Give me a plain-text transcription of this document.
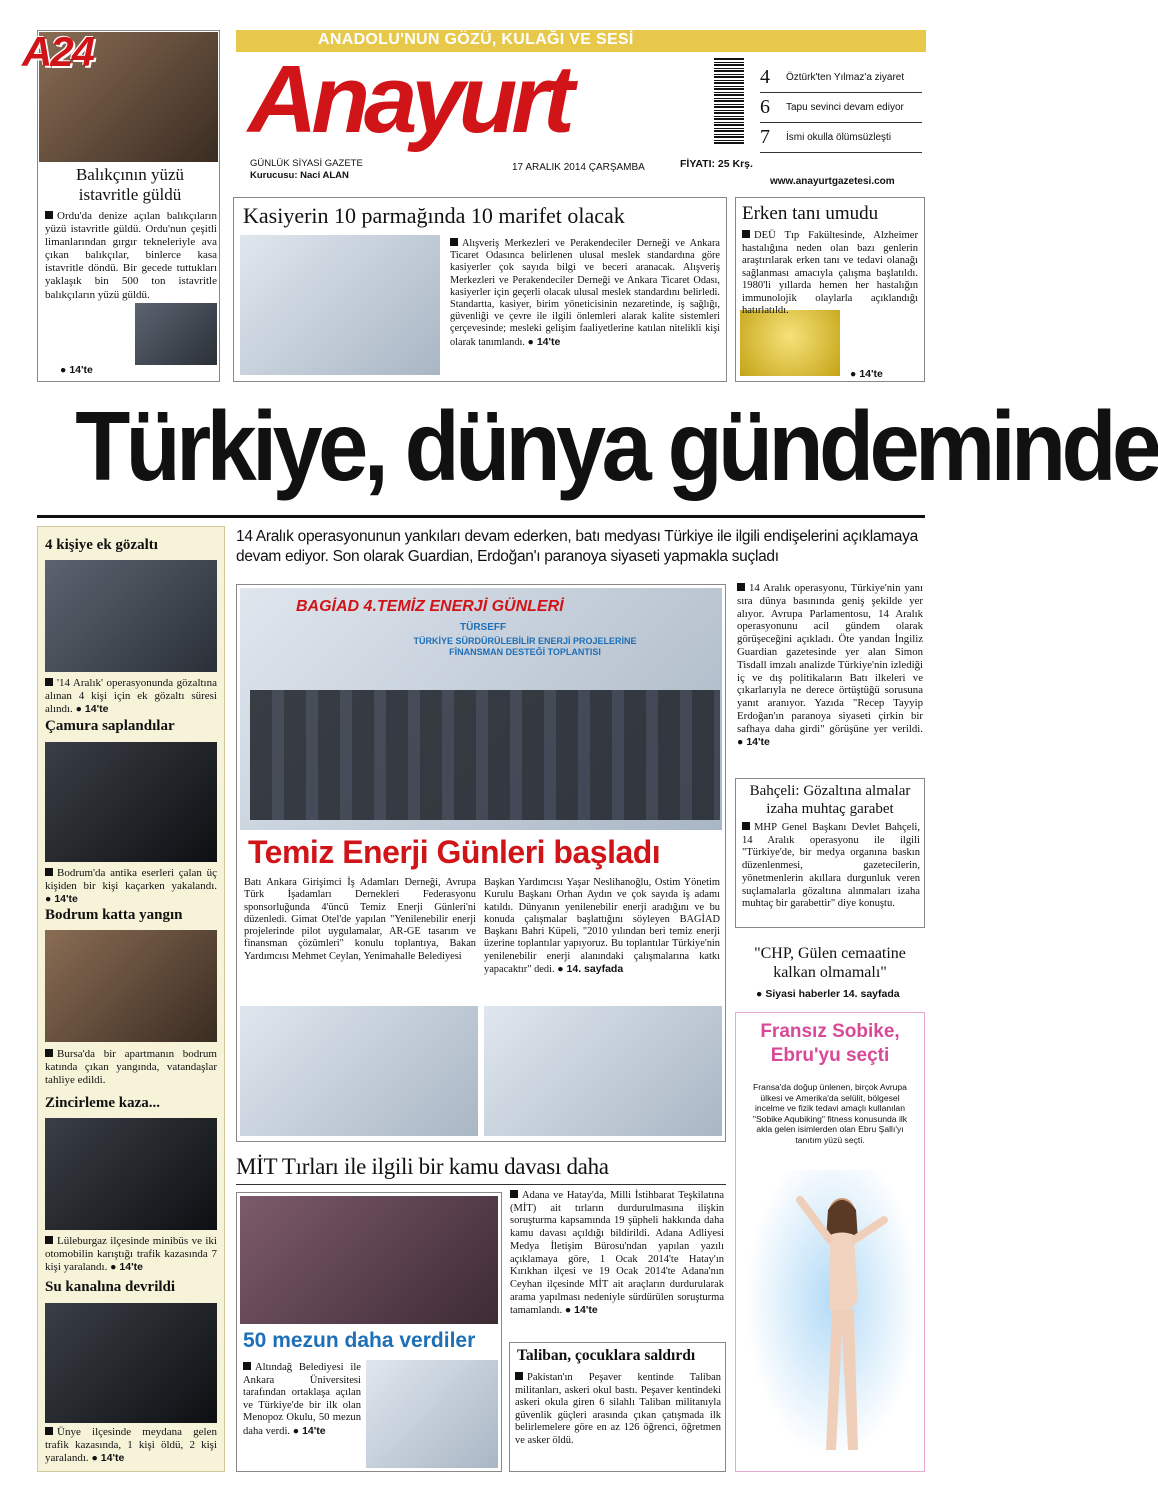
A24
Balıkçının yüzü istavritle güldü
Ordu'da denize açılan balıkçıların yüzü istavritle güldü. Ordu'nun çeşitli limanlarından gırgır tekneleriyle ava çıkan balıkçılar, binlerce kasa istavritle döndü. Bir gecede tuttukları yaklaşık bin 500 ton istavritle balıkçıların yüzü güldü.
● 14'te
ANADOLU'NUN GÖZÜ, KULAĞI VE SESİ
Anayurt
GÜNLÜK SİYASİ GAZETE
Kurucusu: Naci ALAN
17 ARALIK 2014 ÇARŞAMBA	FİYATI: 25 Krş.
www.anayurtgazetesi.com
4	Öztürk'ten Yılmaz'a ziyaret
6	Tapu sevinci devam ediyor
7	İsmi okulla ölümsüzleşti
Kasiyerin 10 parmağında 10 marifet olacak
Alışveriş Merkezleri ve Perakendeciler Derneği ve Ankara Ticaret Odasınca belirlenen ulusal meslek standardına göre kasiyerler çok sayıda bilgi ve beceri aranacak. Alışveriş Merkezleri ve Perakendeciler Derneği ve Ankara Ticaret Odası, kasiyerler için geçerli olacak ulusal meslek standardını belirledi. Standartta, kasiyer, birim yöneticisinin nezaretinde, iş sağlığı, güvenliği ve çevre ile ilgili önlemleri alarak kalite sistemleri çerçevesinde; mesleki gelişim faaliyetlerine katılan nitelikli kişi olarak tanımlandı. ● 14'te
Erken tanı umudu
DEÜ Tıp Fakültesinde, Alzheimer hastalığına neden olan bazı genlerin araştırılarak erken tanı ve tedavi olanağı sağlanması amacıyla çalışma başlatıldı. 1980'li yıllarda hemen her hastalığın immunolojik olaylarla açıklandığı hatırlatıldı.
● 14'te
Türkiye, dünya gündeminde
4 kişiye ek gözaltı
'14 Aralık' operasyonunda gözaltına alınan 4 kişi için ek gözaltı süresi alındı. ● 14'te
Çamura saplandılar
Bodrum'da antika eserleri çalan üç kişiden bir kişi kaçarken yakalandı. ● 14'te
Bodrum katta yangın
Bursa'da bir apartmanın bodrum katında çıkan yangında, vatandaşlar tahliye edildi.
Zincirleme kaza...
Lüleburgaz ilçesinde minibüs ve iki otomobilin karıştığı trafik kazasında 7 kişi yaralandı. ● 14'te
Su kanalına devrildi
Ünye ilçesinde meydana gelen trafik kazasında, 1 kişi öldü, 2 kişi yaralandı. ● 14'te
14 Aralık operasyonunun yankıları devam ederken, batı medyası Türkiye ile ilgili endişelerini açıklamaya devam ediyor. Son olarak Guardian, Erdoğan'ı paranoya siyaseti yapmakla suçladı
14 Aralık operasyonu, Türkiye'nin yanı sıra dünya basınında geniş şekilde yer alıyor. Avrupa Parlamentosu, 14 Aralık operasyonunu acil gündem olarak görüşeceğini açıkladı. Öte yandan İngiliz Guardian gazetesinde yer alan Simon Tisdall imzalı analizde Türkiye'nin izlediği iç ve dış politikaların Batı ilkeleri ve çıkarlarıyla ne derece örtüştüğü sorusuna yanıt aranıyor. Yazıda "Recep Tayyip Erdoğan'ın paranoya siyaseti çirkin bir safhaya daha girdi" görüşüne yer verildi. ● 14'te
BAGİAD 4.TEMİZ ENERJİ GÜNLERİ
TÜRSEFF
TÜRKİYE SÜRDÜRÜLEBİLİR ENERJİ PROJELERİNE FİNANSMAN DESTEĞİ TOPLANTISI
Temiz Enerji Günleri başladı
Batı Ankara Girişimci İş Adamları Derneği, Avrupa Türk İşadamları Dernekleri Federasyonu sponsorluğunda 4'üncü Temiz Enerji Günleri'ni düzenledi. Gimat Otel'de yapılan "Yenilenebilir enerji projelerinde pilot uygulamalar, AR-GE tasarım ve finansman çözümleri" konulu toplantıya, Bakan Yardımcısı Mehmet Ceylan, Yenimahalle Belediyesi
Başkan Yardımcısı Yaşar Neslihanoğlu, Ostim Yönetim Kurulu Başkanı Orhan Aydın ve çok sayıda iş adamı katıldı. Dünyanın yenilenebilir enerji aradığını ve bu konuda çalışmalar başlattığını söyleyen BAGİAD Başkanı Bahri Küpeli, "2010 yılından beri temiz enerji üzerine toplantılar yapıyoruz. Bu toplantılar Türkiye'nin yenilenebilir enerji alanındaki çalışmalarına katkı yapacaktır" dedi. ● 14. sayfada
Bahçeli: Gözaltına almalar izaha muhtaç garabet
MHP Genel Başkanı Devlet Bahçeli, 14 Aralık operasyonu ile ilgili "Türkiye'de, bir medya organına baskın düzenlenmesi, gazetecilerin, yönetmenlerin akıllara durgunluk veren suçlamalarla gözaltına alınmaları izaha muhtaç bir garabettir" diye konuştu.
"CHP, Gülen cemaatine kalkan olmamalı"
● Siyasi haberler 14. sayfada
Fransız Sobike, Ebru'yu seçti
Fransa'da doğup ünlenen, birçok Avrupa ülkesi ve Amerika'da selülit, bölgesel incelme ve fizik tedavi amaçlı kullanılan "Sobike Aqubiking" fitness konusunda ilk akla gelen isimlerden olan Ebru Şallı'yı tanıtım yüzü seçti.
MİT Tırları ile ilgili bir kamu davası daha
50 mezun daha verdiler
Altındağ Belediyesi ile Ankara Üniversitesi tarafından ortaklaşa açılan ve Türkiye'de bir ilk olan Menopoz Okulu, 50 mezun daha verdi. ● 14'te
Adana ve Hatay'da, Milli İstihbarat Teşkilatına (MİT) ait tırların durdurulmasına ilişkin soruşturma kapsamında 19 şüpheli hakkında daha kamu davası açıldığı bildirildi. Adana Adliyesi Medya İletişim Bürosu'ndan yapılan yazılı açıklamaya göre, 1 Ocak 2014'te Hatay'ın Kırıkhan ilçesi ve 19 Ocak 2014'te Adana'nın Ceyhan ilçesinde MİT ait araçların durdurularak arama yapılması nedeniyle sürdürülen soruşturma tamamlandı. ● 14'te
Taliban, çocuklara saldırdı
Pakistan'ın Peşaver kentinde Taliban militanları, askeri okul bastı. Peşaver kentindeki askeri okula giren 6 silahlı Taliban militanıyla güvenlik güçleri arasında çıkan çatışmada ilk belirlemelere göre en az 126 öğrenci, öğretmen ve asker öldü.
